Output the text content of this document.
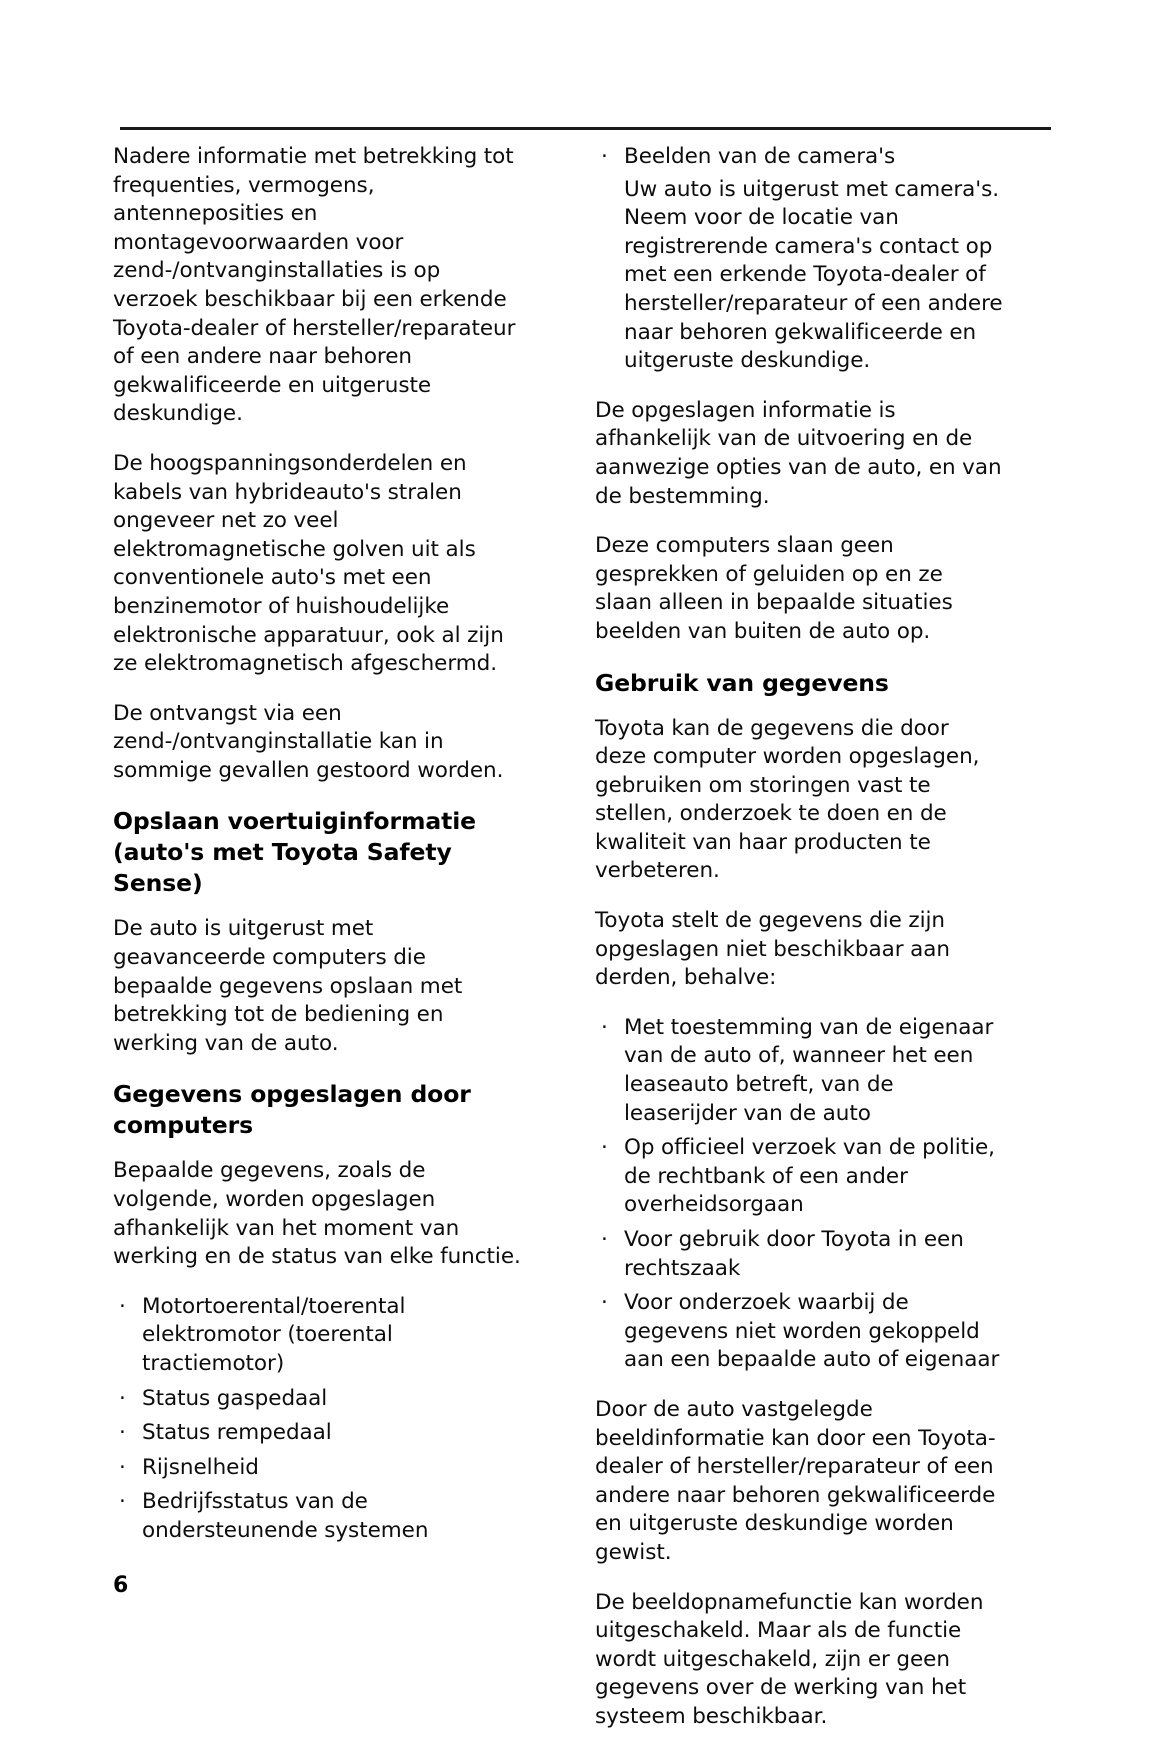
Nadere informatie met betrekking tot frequenties, vermogens, antenneposities en montagevoorwaarden voor zend-/ontvanginstallaties is op verzoek beschikbaar bij een erkende Toyota-dealer of hersteller/reparateur of een andere naar behoren gekwalificeerde en uitgeruste deskundige.

De hoogspanningsonderdelen en kabels van hybrideauto's stralen ongeveer net zo veel elektromagnetische golven uit als conventionele auto's met een benzinemotor of huishoudelijke elektronische apparatuur, ook al zijn ze elektromagnetisch afgeschermd.

De ontvangst via een zend-/ontvanginstallatie kan in sommige gevallen gestoord worden.

Opslaan voertuiginformatie (auto's met Toyota Safety Sense)

De auto is uitgerust met geavanceerde computers die bepaalde gegevens opslaan met betrekking tot de bediening en werking van de auto.

Gegevens opgeslagen door computers

Bepaalde gegevens, zoals de volgende, worden opgeslagen afhankelijk van het moment van werking en de status van elke functie.

· Motortoerental/toerental elektromotor (toerental tractiemotor)
· Status gaspedaal
· Status rempedaal
· Rijsnelheid
· Bedrijfsstatus van de ondersteunende systemen
· Beelden van de camera's
Uw auto is uitgerust met camera's. Neem voor de locatie van registrerende camera's contact op met een erkende Toyota-dealer of hersteller/reparateur of een andere naar behoren gekwalificeerde en uitgeruste deskundige.

De opgeslagen informatie is afhankelijk van de uitvoering en de aanwezige opties van de auto, en van de bestemming.

Deze computers slaan geen gesprekken of geluiden op en ze slaan alleen in bepaalde situaties beelden van buiten de auto op.

Gebruik van gegevens

Toyota kan de gegevens die door deze computer worden opgeslagen, gebruiken om storingen vast te stellen, onderzoek te doen en de kwaliteit van haar producten te verbeteren.

Toyota stelt de gegevens die zijn opgeslagen niet beschikbaar aan derden, behalve:

· Met toestemming van de eigenaar van de auto of, wanneer het een leaseauto betreft, van de leaserijder van de auto
· Op officieel verzoek van de politie, de rechtbank of een ander overheidsorgaan
· Voor gebruik door Toyota in een rechtszaak
· Voor onderzoek waarbij de gegevens niet worden gekoppeld aan een bepaalde auto of eigenaar

Door de auto vastgelegde beeldinformatie kan door een Toyota-dealer of hersteller/reparateur of een andere naar behoren gekwalificeerde en uitgeruste deskundige worden gewist.

De beeldopnamefunctie kan worden uitgeschakeld. Maar als de functie wordt uitgeschakeld, zijn er geen gegevens over de werking van het systeem beschikbaar.

6
